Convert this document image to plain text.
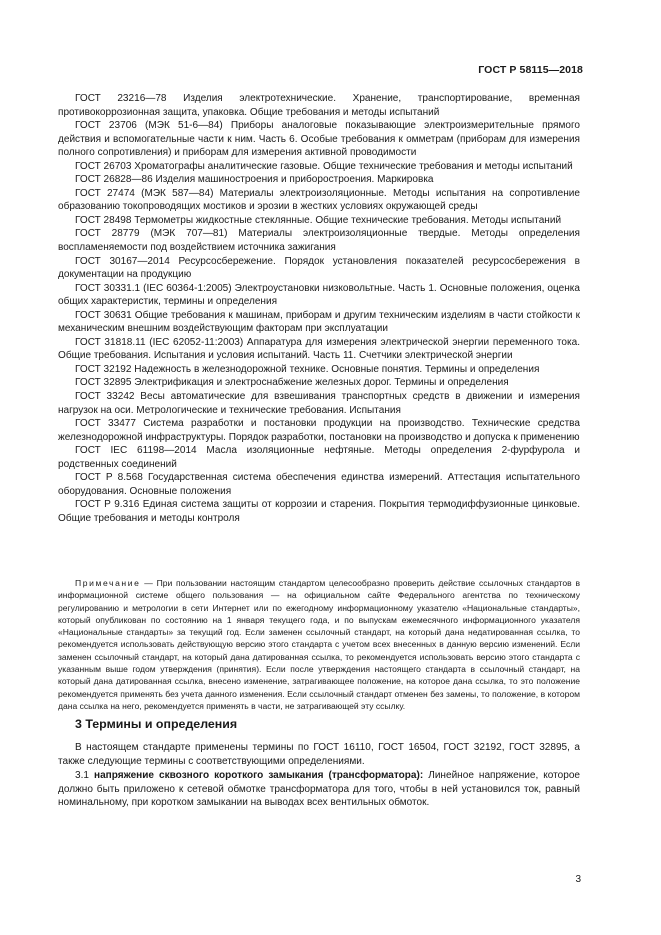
ГОСТ Р 58115—2018

ГОСТ 23216—78 Изделия электротехнические. Хранение, транспортирование, временная противокоррозионная защита, упаковка. Общие требования и методы испытаний

ГОСТ 23706 (МЭК 51-6—84) Приборы аналоговые показывающие электроизмерительные прямого действия и вспомогательные части к ним. Часть 6. Особые требования к омметрам (приборам для измерения полного сопротивления) и приборам для измерения активной проводимости

ГОСТ 26703 Хроматографы аналитические газовые. Общие технические требования и методы испытаний

ГОСТ 26828—86 Изделия машиностроения и приборостроения. Маркировка

ГОСТ 27474 (МЭК 587—84) Материалы электроизоляционные. Методы испытания на сопротивление образованию токопроводящих мостиков и эрозии в жестких условиях окружающей среды

ГОСТ 28498 Термометры жидкостные стеклянные. Общие технические требования. Методы испытаний

ГОСТ 28779 (МЭК 707—81) Материалы электроизоляционные твердые. Методы определения воспламеняемости под воздействием источника зажигания

ГОСТ 30167—2014 Ресурсосбережение. Порядок установления показателей ресурсосбережения в документации на продукцию

ГОСТ 30331.1 (IEC 60364-1:2005) Электроустановки низковольтные. Часть 1. Основные положения, оценка общих характеристик, термины и определения

ГОСТ 30631 Общие требования к машинам, приборам и другим техническим изделиям в части стойкости к механическим внешним воздействующим факторам при эксплуатации

ГОСТ 31818.11 (IEC 62052-11:2003) Аппаратура для измерения электрической энергии переменного тока. Общие требования. Испытания и условия испытаний. Часть 11. Счетчики электрической энергии

ГОСТ 32192 Надежность в железнодорожной технике. Основные понятия. Термины и определения

ГОСТ 32895 Электрификация и электроснабжение железных дорог. Термины и определения

ГОСТ 33242 Весы автоматические для взвешивания транспортных средств в движении и измерения нагрузок на оси. Метрологические и технические требования. Испытания

ГОСТ 33477 Система разработки и постановки продукции на производство. Технические средства железнодорожной инфраструктуры. Порядок разработки, постановки на производство и допуска к применению

ГОСТ IEC 61198—2014 Масла изоляционные нефтяные. Методы определения 2-фурфурола и родственных соединений

ГОСТ Р 8.568 Государственная система обеспечения единства измерений. Аттестация испытательного оборудования. Основные положения

ГОСТ Р 9.316 Единая система защиты от коррозии и старения. Покрытия термодиффузионные цинковые. Общие требования и методы контроля

Примечание — При пользовании настоящим стандартом целесообразно проверить действие ссылочных стандартов в информационной системе общего пользования — на официальном сайте Федерального агентства по техническому регулированию и метрологии в сети Интернет или по ежегодному информационному указателю «Национальные стандарты», который опубликован по состоянию на 1 января текущего года, и по выпускам ежемесячного информационного указателя «Национальные стандарты» за текущий год. Если заменен ссылочный стандарт, на который дана недатированная ссылка, то рекомендуется использовать действующую версию этого стандарта с учетом всех внесенных в данную версию изменений. Если заменен ссылочный стандарт, на который дана датированная ссылка, то рекомендуется использовать версию этого стандарта с указанным выше годом утверждения (принятия). Если после утверждения настоящего стандарта в ссылочный стандарт, на который дана датированная ссылка, внесено изменение, затрагивающее положение, на которое дана ссылка, то это положение рекомендуется применять без учета данного изменения. Если ссылочный стандарт отменен без замены, то положение, в котором дана ссылка на него, рекомендуется применять в части, не затрагивающей эту ссылку.

3 Термины и определения

В настоящем стандарте применены термины по ГОСТ 16110, ГОСТ 16504, ГОСТ 32192, ГОСТ 32895, а также следующие термины с соответствующими определениями.

3.1 напряжение сквозного короткого замыкания (трансформатора): Линейное напряжение, которое должно быть приложено к сетевой обмотке трансформатора для того, чтобы в ней установился ток, равный номинальному, при коротком замыкании на выводах всех вентильных обмоток.

3
